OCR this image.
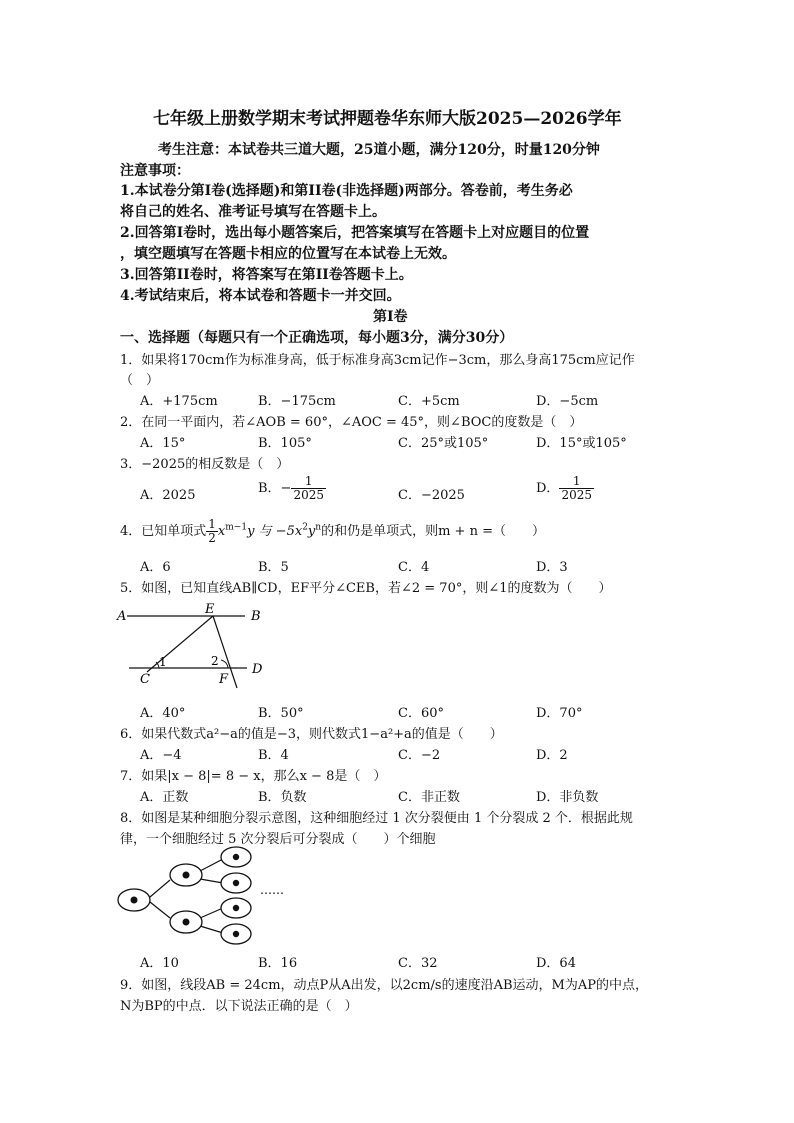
七年级上册数学期末考试押题卷华东师大版2025—2026学年
考生注意：本试卷共三道大题，25道小题，满分120分，时量120分钟
注意事项：
1.本试卷分第Ⅰ卷(选择题)和第II卷(非选择题)两部分。答卷前，考生务必
将自己的姓名、准考证号填写在答题卡上。
2.回答第Ⅰ卷时，选出每小题答案后，把答案填写在答题卡上对应题目的位置
，填空题填写在答题卡相应的位置写在本试卷上无效。
3.回答第II卷时，将答案写在第II卷答题卡上。
4.考试结束后，将本试卷和答题卡一并交回。
第Ⅰ卷
一、选择题（每题只有一个正确选项，每小题3分，满分30分）
1．如果将170cm作为标准身高，低于标准身高3cm记作−3cm，那么身高175cm应记作
（　）
A．+175cm	B．−175cm	C．+5cm	D．−5cm
2．在同一平面内，若∠AOB = 60°，∠AOC = 45°，则∠BOC的度数是（　）
A．15°	B．105°	C．25°或105°	D．15°或105°
3．−2025的相反数是（　）
A．2025	B．− $\frac{1}{2025}$	C．−2025	D． $\frac{1}{2025}$
4．已知单项式 $\frac{1}{2} x^{m-1}y$ 与 $-5x^2y^n$的和仍是单项式，则m + n =（　　）
A．6	B．5	C．4	D．3
5．如图，已知直线AB∥CD，EF平分∠CEB，若∠2 = 70°，则∠1的度数为（　　）
A	B
E
C
D
F
1	2
A．40°	B．50°	C．60°	D．70°
6．如果代数式a²−a的值是−3，则代数式1−a²+a的值是（　　）
A．−4	B．4	C．−2	D．2
7．如果|x − 8|= 8 − x，那么x − 8是（　）
A．正数	B．负数	C．非正数	D．非负数
8．如图是某种细胞分裂示意图，这种细胞经过 1 次分裂便由 1 个分裂成 2 个．根据此规
律，一个细胞经过 5 次分裂后可分裂成（　　）个细胞
……
A．10	B．16	C．32	D．64
9．如图，线段AB = 24cm，动点P从A出发，以2cm/s的速度沿AB运动，M为AP的中点，
N为BP的中点．以下说法正确的是（　）
